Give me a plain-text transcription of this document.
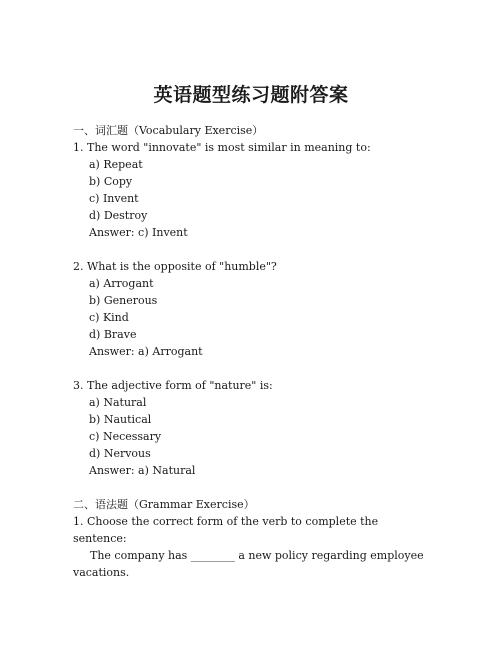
英语题型练习题附答案
一、词汇题（Vocabulary Exercise）
1. The word "innovate" is most similar in meaning to:
a) Repeat
b) Copy
c) Invent
d) Destroy
Answer: c) Invent
2. What is the opposite of "humble"?
a) Arrogant
b) Generous
c) Kind
d) Brave
Answer: a) Arrogant
3. The adjective form of "nature" is:
a) Natural
b) Nautical
c) Necessary
d) Nervous
Answer: a) Natural
二、语法题（Grammar Exercise）
1. Choose the correct form of the verb to complete the sentence:
The company has ________ a new policy regarding employee vacations.
